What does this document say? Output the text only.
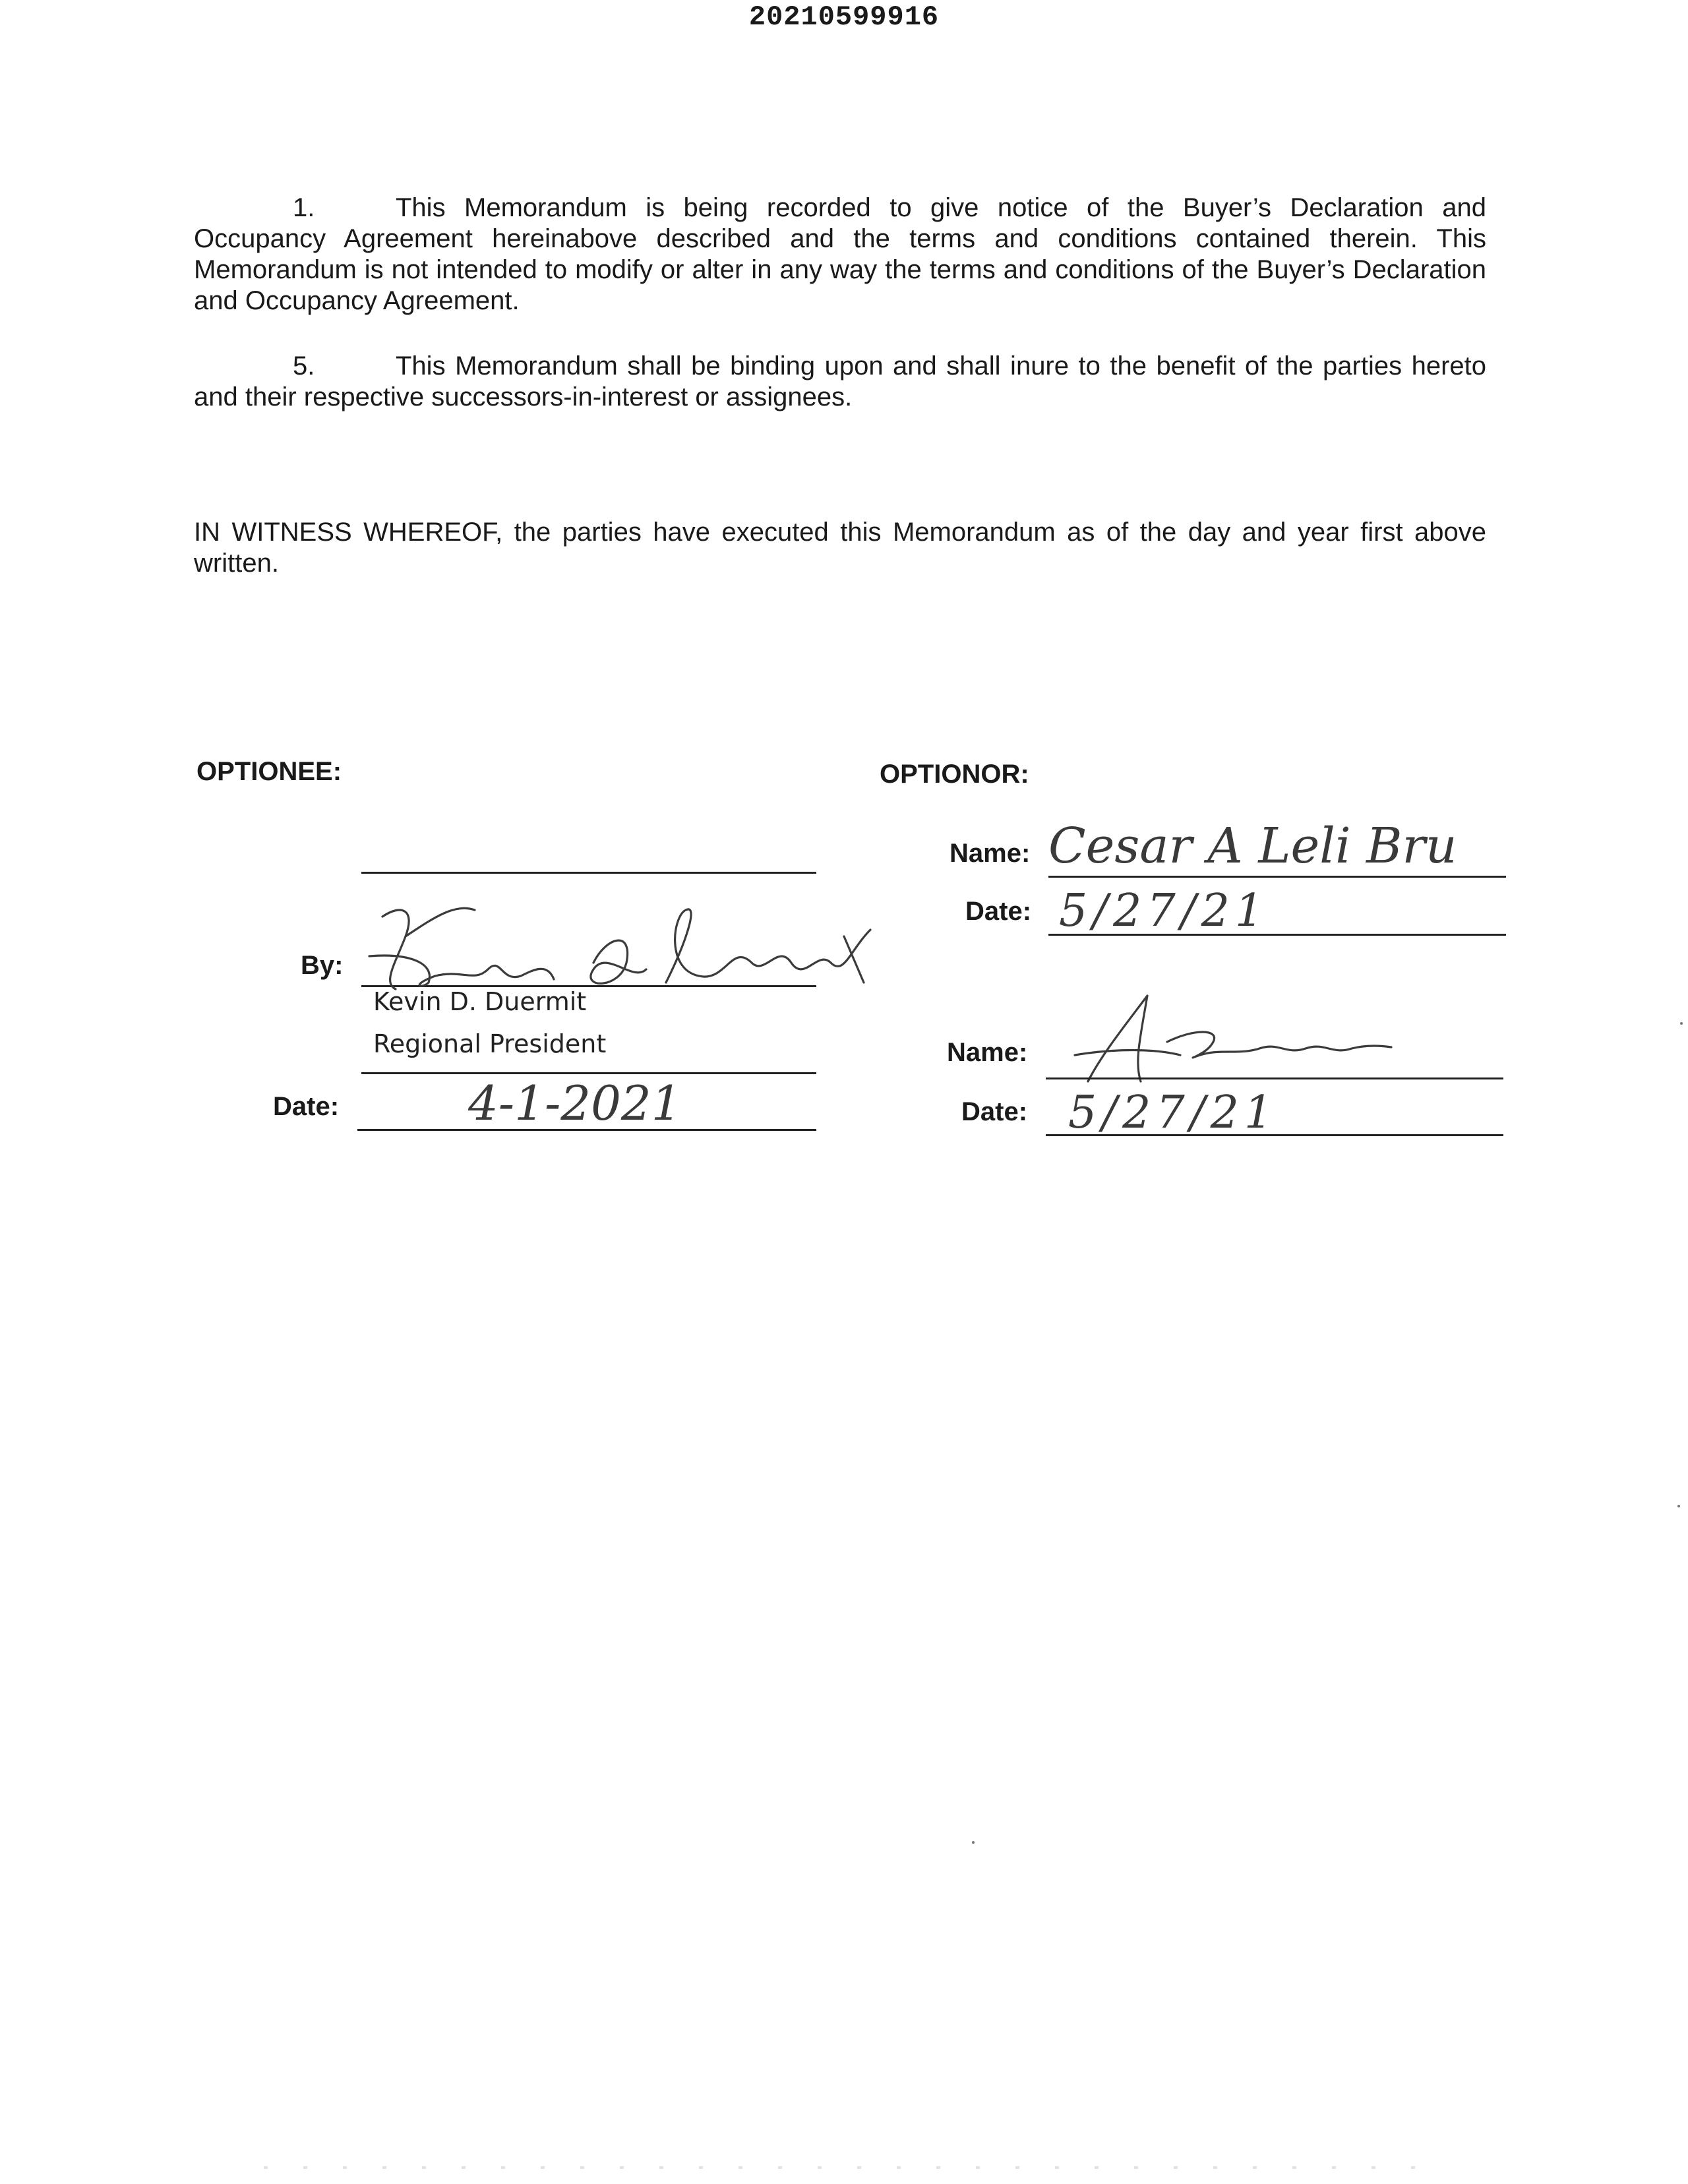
20210599916
1.	This Memorandum is being recorded to give notice of the Buyer’s Declaration and Occupancy Agreement hereinabove described and the terms and conditions contained therein. This Memorandum is not intended to modify or alter in any way the terms and conditions of the Buyer’s Declaration and Occupancy Agreement.

5.	This Memorandum shall be binding upon and shall inure to the benefit of the parties hereto and their respective successors-in-interest or assignees.

IN WITNESS WHEREOF, the parties have executed this Memorandum as of the day and year first above written.

OPTIONEE:
By:
Kevin D. Duermit
Regional President
Date:	4-1-2021
OPTIONOR:
Name: Cesar A Leli Bru
Date: 5/27/21
Name:
Date: 5/27/21
